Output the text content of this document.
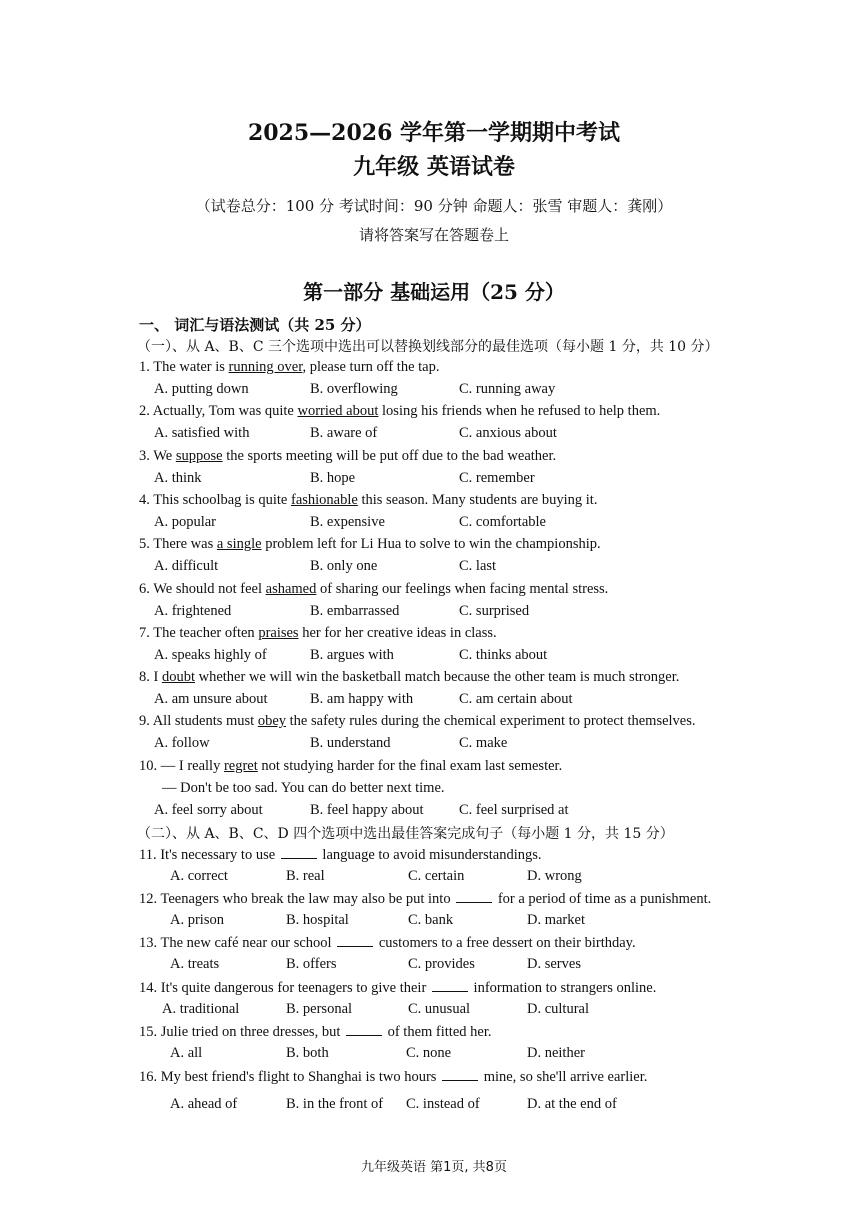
2025—2026 学年第一学期期中考试
九年级 英语试卷
（试卷总分：100 分 考试时间：90 分钟 命题人：张雪 审题人：龚刚）
请将答案写在答题卷上
第一部分 基础运用（25 分）
一、 词汇与语法测试（共 25 分）
（一）、从 A、B、C 三个选项中选出可以替换划线部分的最佳选项（每小题 1 分，共 10 分）
1. The water is running over, please turn off the tap.
A. putting down	B. overflowing	C. running away
2. Actually, Tom was quite worried about losing his friends when he refused to help them.
A. satisfied with	B. aware of	C. anxious about
3. We suppose the sports meeting will be put off due to the bad weather.
A. think	B. hope	C. remember
4. This schoolbag is quite fashionable this season. Many students are buying it.
A. popular	B. expensive	C. comfortable
5. There was a single problem left for Li Hua to solve to win the championship.
A. difficult	B. only one	C. last
6. We should not feel ashamed of sharing our feelings when facing mental stress.
A. frightened	B. embarrassed	C. surprised
7. The teacher often praises her for her creative ideas in class.
A. speaks highly of	B. argues with	C. thinks about
8. I doubt whether we will win the basketball match because the other team is much stronger.
A. am unsure about	B. am happy with	C. am certain about
9. All students must obey the safety rules during the chemical experiment to protect themselves.
A. follow	B. understand	C. make
10. — I really regret not studying harder for the final exam last semester.
— Don't be too sad. You can do better next time.
A. feel sorry about	B. feel happy about C. feel surprised at
（二）、从 A、B、C、D 四个选项中选出最佳答案完成句子（每小题 1 分，共 15 分）
11. It's necessary to use	language to avoid misunderstandings.
A. correct	B. real	C. certain	D. wrong
12. Teenagers who break the law may also be put into	for a period of time as a punishment.
A. prison	B. hospital	C. bank	D. market
13. The new café near our school	customers to a free dessert on their birthday.
A. treats	B. offers	C. provides	D. serves
14. It's quite dangerous for teenagers to give their	information to strangers online.
A. traditional	B. personal	C. unusual	D. cultural
15. Julie tried on three dresses, but	of them fitted her.
A. all	B. both	C. none	D. neither
16. My best friend's flight to Shanghai is two hours	mine, so she'll arrive earlier.
A. ahead of	B. in the front of C. instead of	D. at the end of
九年级英语 第1页, 共8页
